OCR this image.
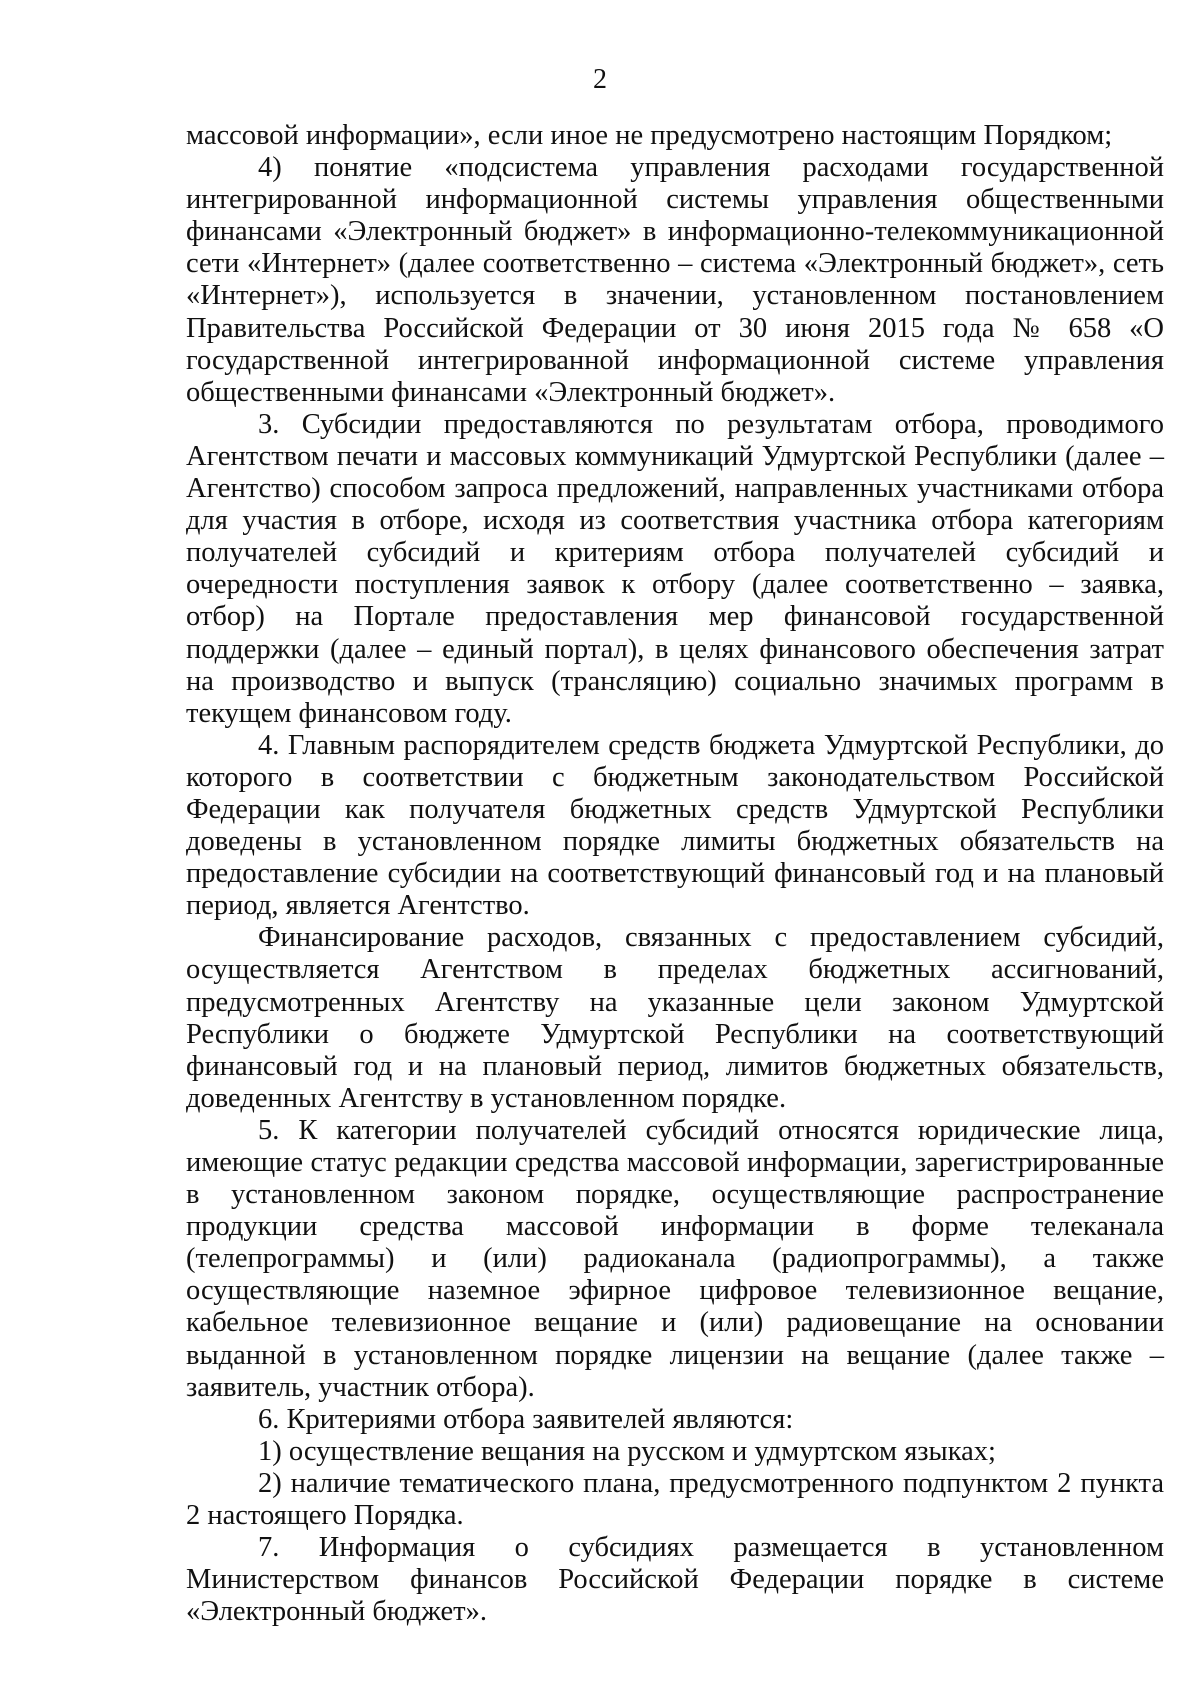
2

массовой информации», если иное не предусмотрено настоящим Порядком;

4) понятие «подсистема управления расходами государственной интегрированной информационной системы управления общественными финансами «Электронный бюджет» в информационно-телекоммуникационной сети «Интернет» (далее соответственно – система «Электронный бюджет», сеть «Интернет»), используется в значении, установленном постановлением Правительства Российской Федерации от 30 июня 2015 года № 658 «О государственной интегрированной информационной системе управления общественными финансами «Электронный бюджет».

3. Субсидии предоставляются по результатам отбора, проводимого Агентством печати и массовых коммуникаций Удмуртской Республики (далее – Агентство) способом запроса предложений, направленных участниками отбора для участия в отборе, исходя из соответствия участника отбора категориям получателей субсидий и критериям отбора получателей субсидий и очередности поступления заявок к отбору (далее соответственно – заявка, отбор) на Портале предоставления мер финансовой государственной поддержки (далее – единый портал), в целях финансового обеспечения затрат на производство и выпуск (трансляцию) социально значимых программ в текущем финансовом году.

4. Главным распорядителем средств бюджета Удмуртской Республики, до которого в соответствии с бюджетным законодательством Российской Федерации как получателя бюджетных средств Удмуртской Республики доведены в установленном порядке лимиты бюджетных обязательств на предоставление субсидии на соответствующий финансовый год и на плановый период, является Агентство.

Финансирование расходов, связанных с предоставлением субсидий, осуществляется Агентством в пределах бюджетных ассигнований, предусмотренных Агентству на указанные цели законом Удмуртской Республики о бюджете Удмуртской Республики на соответствующий финансовый год и на плановый период, лимитов бюджетных обязательств, доведенных Агентству в установленном порядке.

5. К категории получателей субсидий относятся юридические лица, имеющие статус редакции средства массовой информации, зарегистрированные в установленном законом порядке, осуществляющие распространение продукции средства массовой информации в форме телеканала (телепрограммы) и (или) радиоканала (радиопрограммы), а также осуществляющие наземное эфирное цифровое телевизионное вещание, кабельное телевизионное вещание и (или) радиовещание на основании выданной в установленном порядке лицензии на вещание (далее также – заявитель, участник отбора).

6. Критериями отбора заявителей являются:

1) осуществление вещания на русском и удмуртском языках;

2) наличие тематического плана, предусмотренного подпунктом 2 пункта 2 настоящего Порядка.

7. Информация о субсидиях размещается в установленном Министерством финансов Российской Федерации порядке в системе «Электронный бюджет».
